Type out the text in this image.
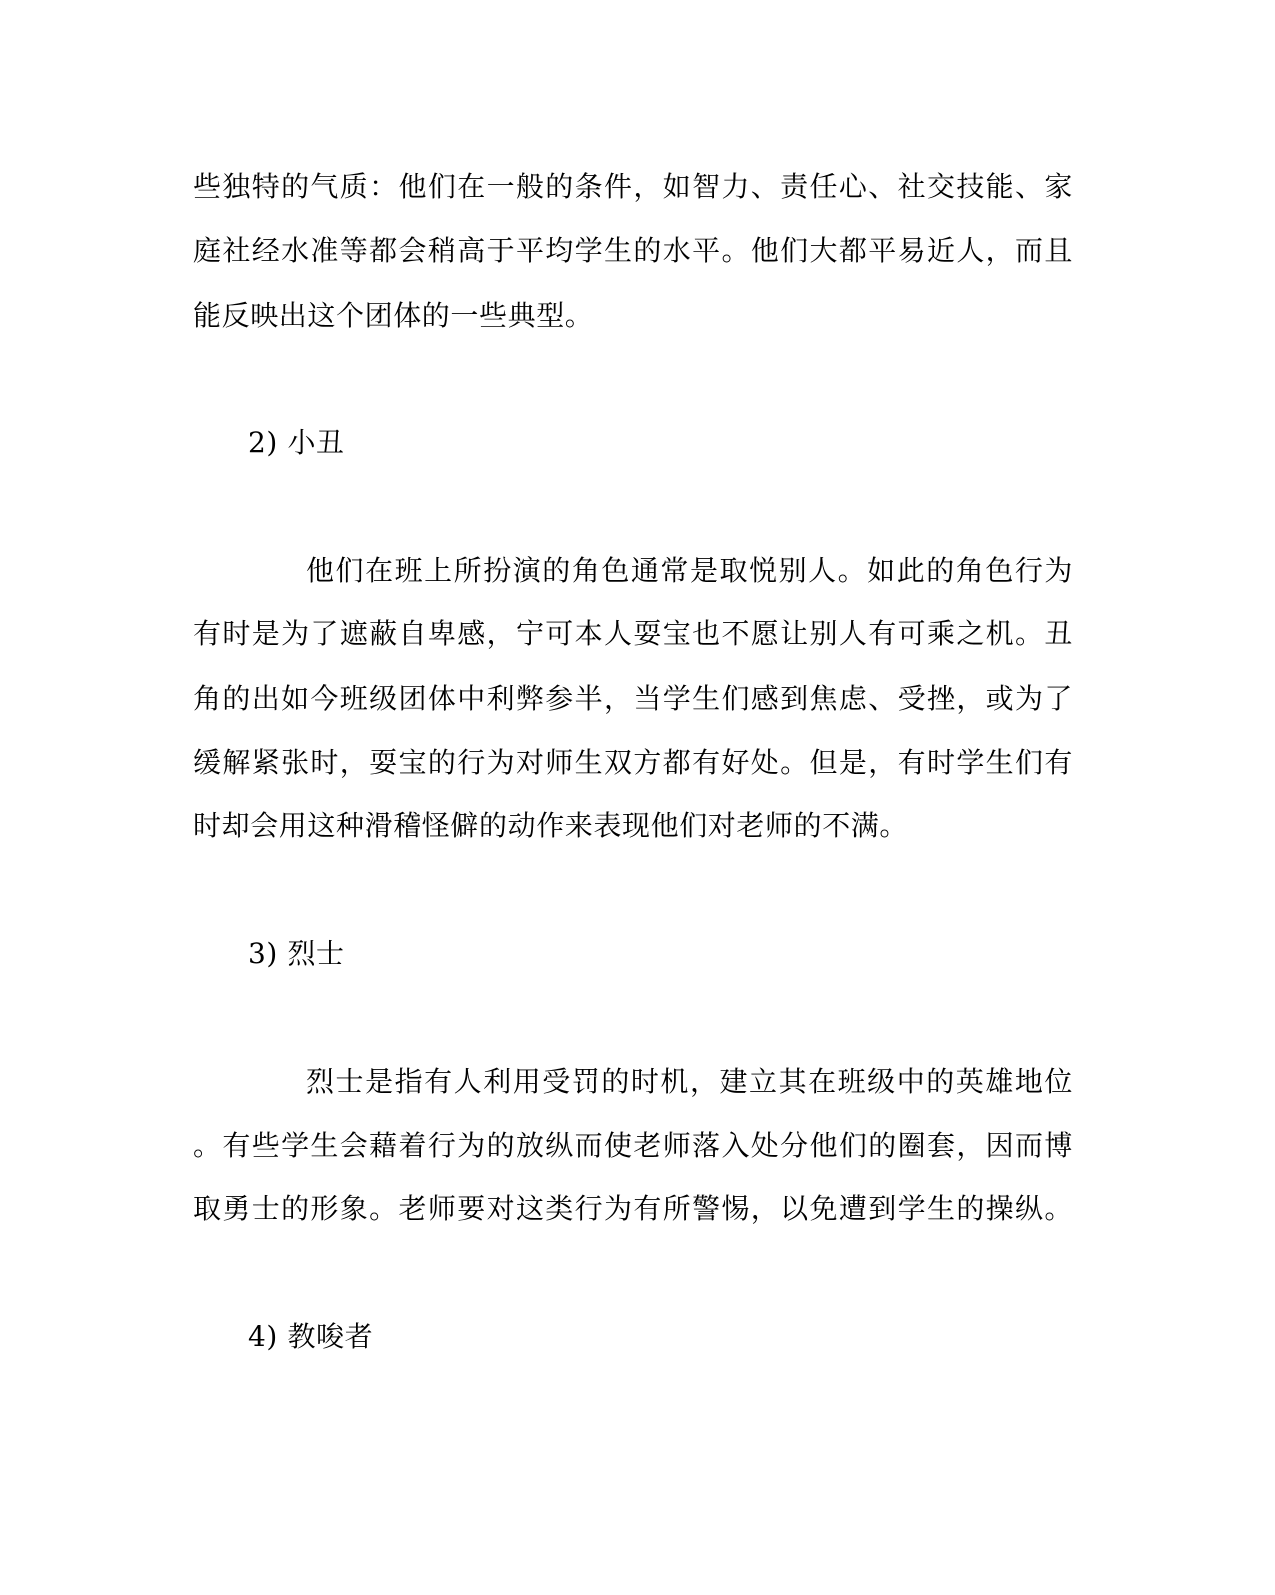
些独特的气质：他们在一般的条件，如智力、责任心、社交技能、家
庭社经水准等都会稍高于平均学生的水平。他们大都平易近人，而且
能反映出这个团体的一些典型。
2) 小丑
他们在班上所扮演的角色通常是取悦别人。如此的角色行为
有时是为了遮蔽自卑感，宁可本人耍宝也不愿让别人有可乘之机。丑
角的出如今班级团体中利弊参半，当学生们感到焦虑、受挫，或为了
缓解紧张时，耍宝的行为对师生双方都有好处。但是，有时学生们有
时却会用这种滑稽怪僻的动作来表现他们对老师的不满。
3) 烈士
烈士是指有人利用受罚的时机，建立其在班级中的英雄地位
。有些学生会藉着行为的放纵而使老师落入处分他们的圈套，因而博
取勇士的形象。老师要对这类行为有所警惕，以免遭到学生的操纵。
4) 教唆者
